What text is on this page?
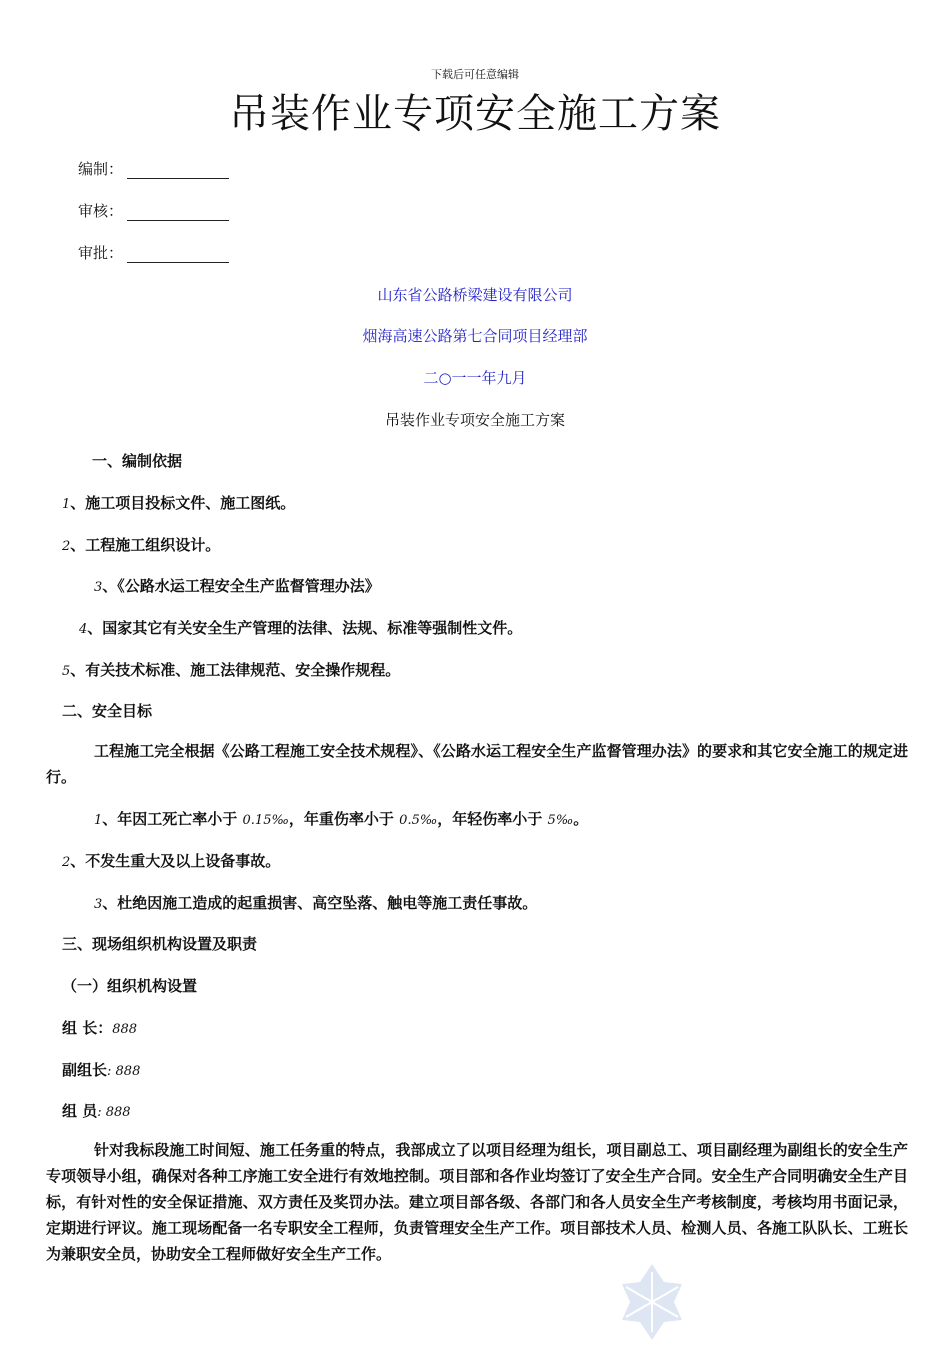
下载后可任意编辑
吊装作业专项安全施工方案
编制：
审核：
审批：
山东省公路桥梁建设有限公司
烟海高速公路第七合同项目经理部
二○一一年九月
吊装作业专项安全施工方案
一、编制依据
1、施工项目投标文件、施工图纸。
2、工程施工组织设计。
3、《公路水运工程安全生产监督管理办法》
4、国家其它有关安全生产管理的法律、法规、标准等强制性文件。
5、有关技术标准、施工法律规范、安全操作规程。
二、安全目标
工程施工完全根据《公路工程施工安全技术规程》、《公路水运工程安全生产监督管理办法》的要求和其它安全施工的规定进行。
1、年因工死亡率小于 0.15‰，年重伤率小于 0.5‰，年轻伤率小于 5‰。
2、不发生重大及以上设备事故。
3、杜绝因施工造成的起重损害、高空坠落、触电等施工责任事故。
三、现场组织机构设置及职责
（一）组织机构设置
组 长：888
副组长: 888
组 员: 888
针对我标段施工时间短、施工任务重的特点，我部成立了以项目经理为组长，项目副总工、项目副经理为副组长的安全生产专项领导小组，确保对各种工序施工安全进行有效地控制。项目部和各作业均签订了安全生产合同。安全生产合同明确安全生产目标，有针对性的安全保证措施、双方责任及奖罚办法。建立项目部各级、各部门和各人员安全生产考核制度，考核均用书面记录，定期进行评议。施工现场配备一名专职安全工程师，负责管理安全生产工作。项目部技术人员、检测人员、各施工队队长、工班长为兼职安全员，协助安全工程师做好安全生产工作。
